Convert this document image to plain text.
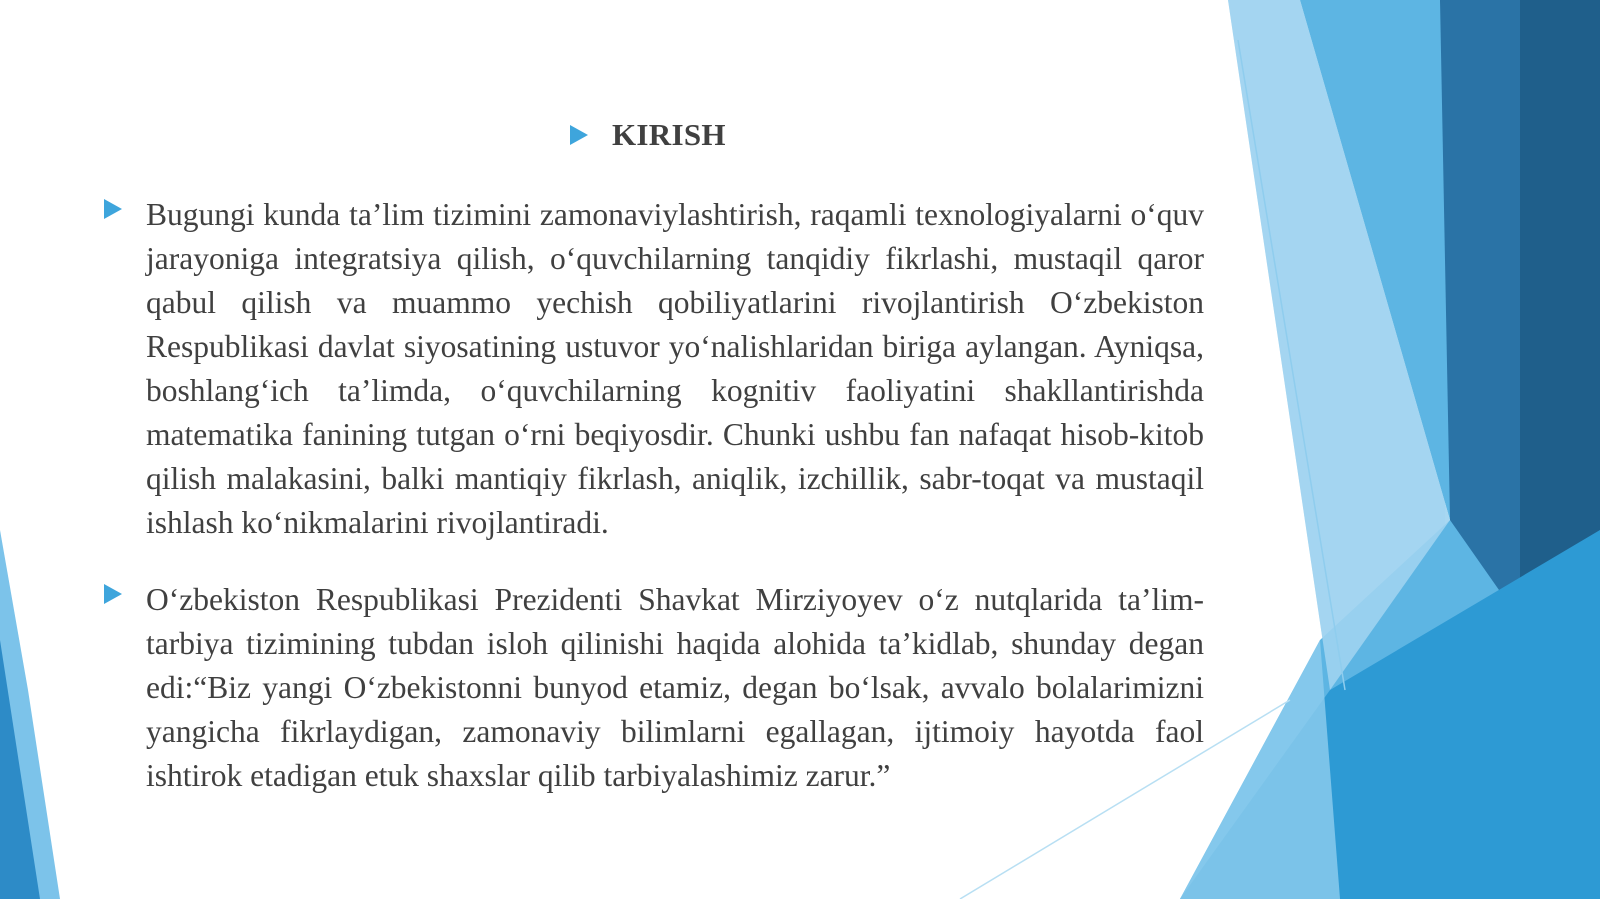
KIRISH

Bugungi kunda ta’lim tizimini zamonaviylashtirish, raqamli texnologiyalarni o‘quv jarayoniga integratsiya qilish, o‘quvchilarning tanqidiy fikrlashi, mustaqil qaror qabul qilish va muammo yechish qobiliyatlarini rivojlantirish O‘zbekiston Respublikasi davlat siyosatining ustuvor yo‘nalishlaridan biriga aylangan. Ayniqsa, boshlang‘ich ta’limda, o‘quvchilarning kognitiv faoliyatini shakllantirishda matematika fanining tutgan o‘rni beqiyosdir. Chunki ushbu fan nafaqat hisob-kitob qilish malakasini, balki mantiqiy fikrlash, aniqlik, izchillik, sabr-toqat va mustaqil ishlash ko‘nikmalarini rivojlantiradi.

O‘zbekiston Respublikasi Prezidenti Shavkat Mirziyoyev o‘z nutqlarida ta’lim-tarbiya tizimining tubdan isloh qilinishi haqida alohida ta’kidlab, shunday degan edi:“Biz yangi O‘zbekistonni bunyod etamiz, degan bo‘lsak, avvalo bolalarimizni yangicha fikrlaydigan, zamonaviy bilimlarni egallagan, ijtimoiy hayotda faol ishtirok etadigan etuk shaxslar qilib tarbiyalashimiz zarur.”
